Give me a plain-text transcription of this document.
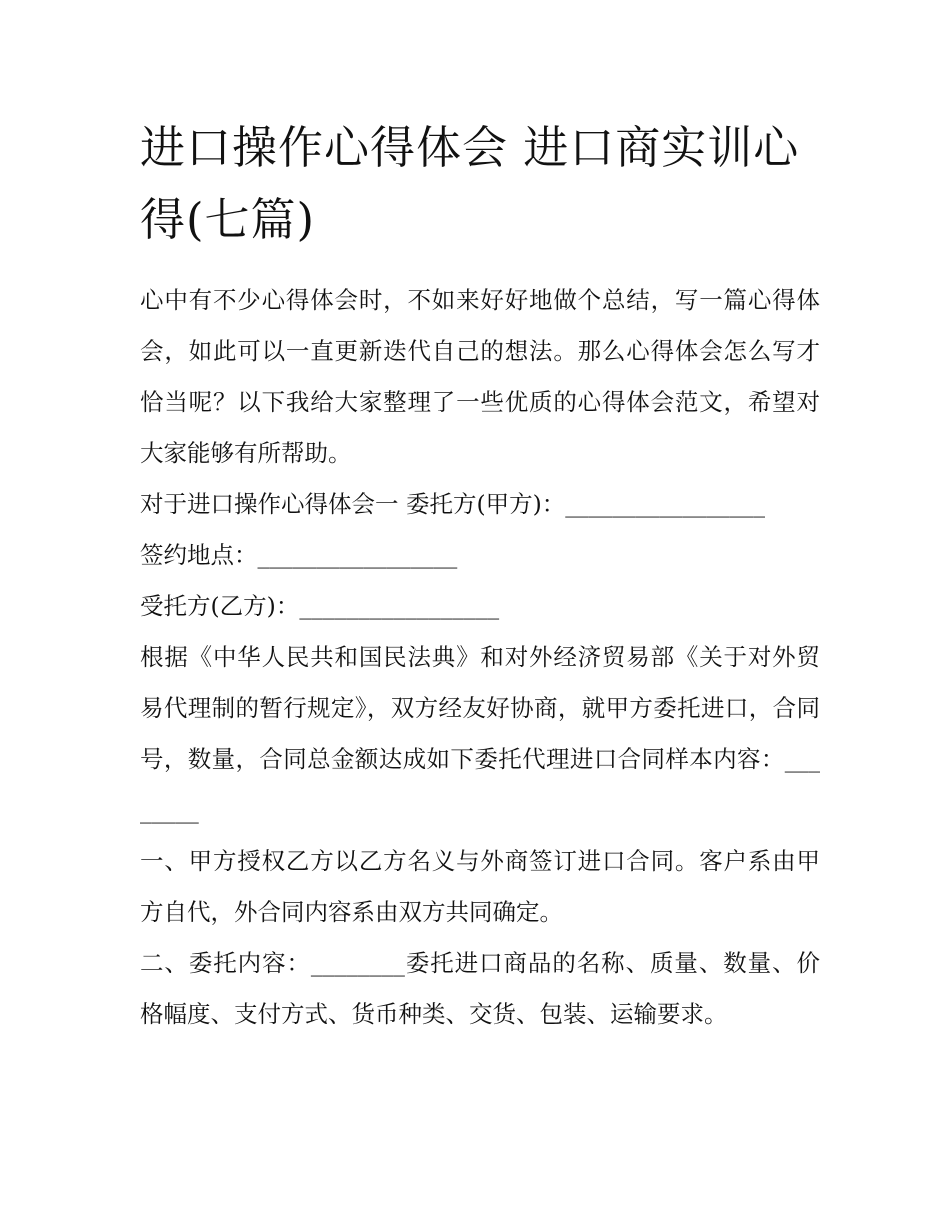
进口操作心得体会 进口商实训心得(七篇)

心中有不少心得体会时，不如来好好地做个总结，写一篇心得体会，如此可以一直更新迭代自己的想法。那么心得体会怎么写才恰当呢？以下我给大家整理了一些优质的心得体会范文，希望对大家能够有所帮助。

对于进口操作心得体会一 委托方(甲方)：_________________

签约地点：_________________

受托方(乙方)：_________________

根据《中华人民共和国民法典》和对外经济贸易部《关于对外贸易代理制的暂行规定》，双方经友好协商，就甲方委托进口，合同号，数量，合同总金额达成如下委托代理进口合同样本内容：________

一、甲方授权乙方以乙方名义与外商签订进口合同。客户系由甲方自代，外合同内容系由双方共同确定。

二、委托内容：________委托进口商品的名称、质量、数量、价格幅度、支付方式、货币种类、交货、包装、运输要求。
